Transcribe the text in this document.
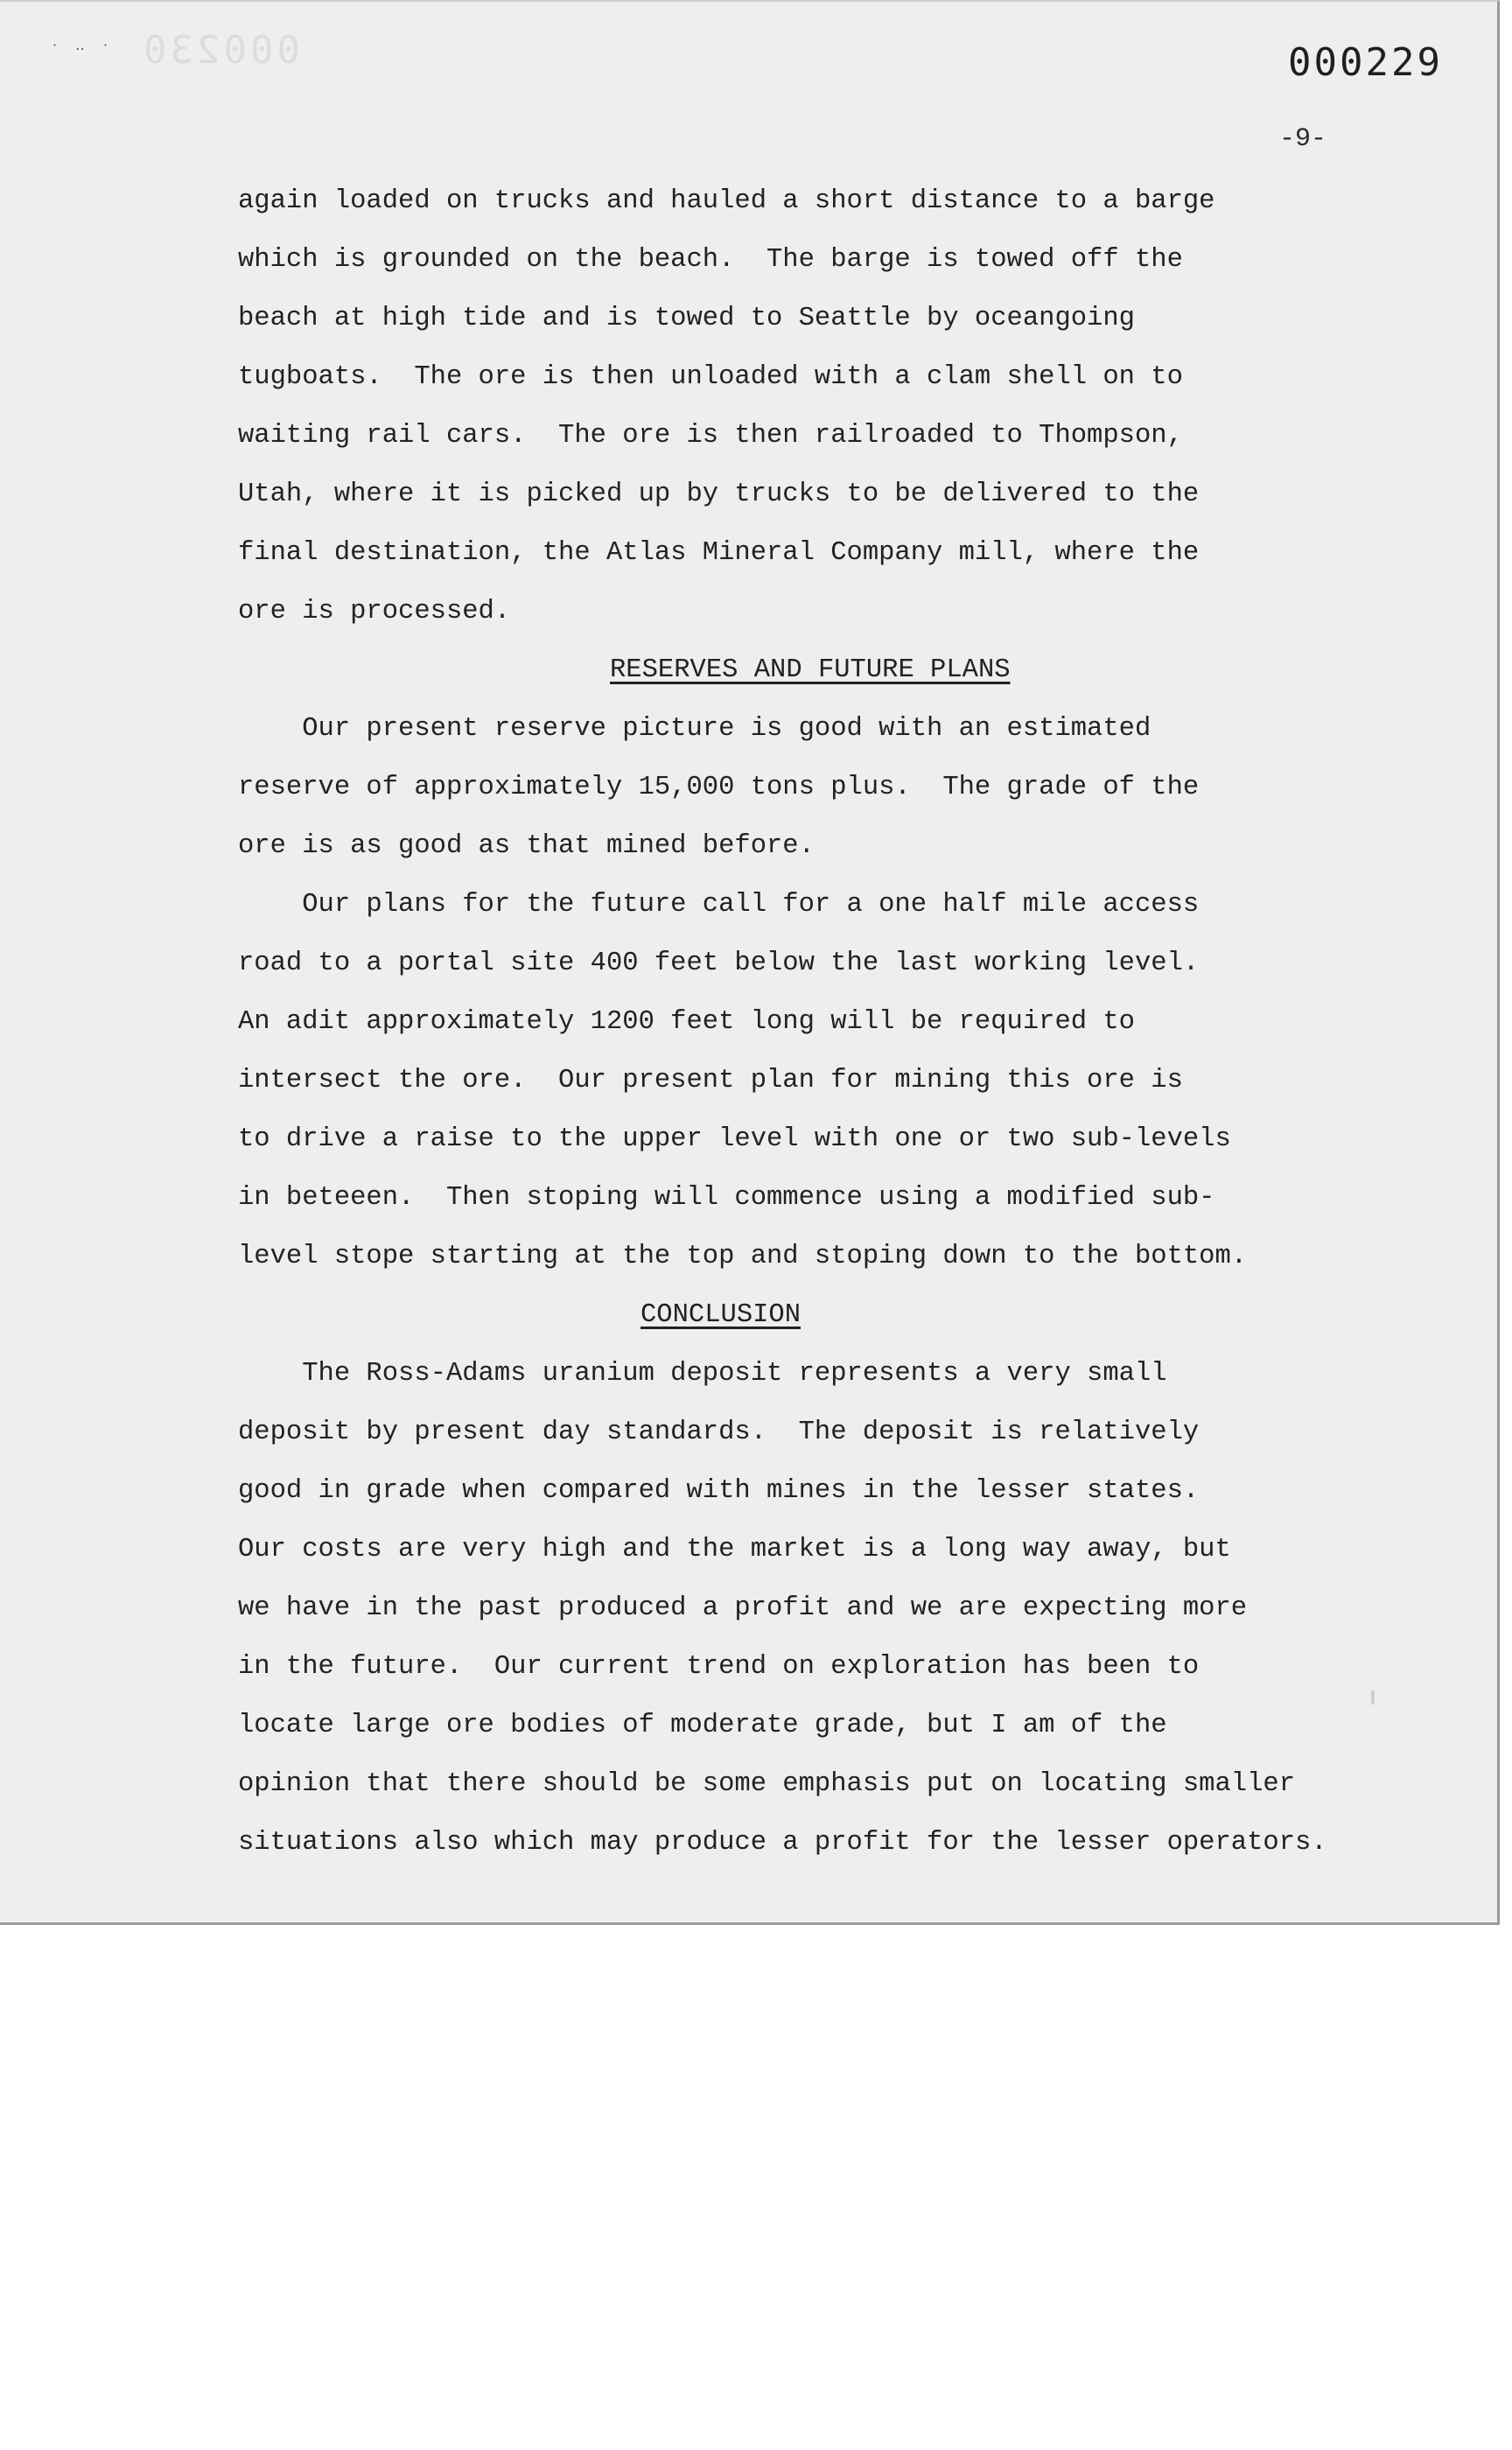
· ‥ · 000230	000229
-9-

again loaded on trucks and hauled a short distance to a barge

which is grounded on the beach.  The barge is towed off the

beach at high tide and is towed to Seattle by oceangoing

tugboats.  The ore is then unloaded with a clam shell on to

waiting rail cars.  The ore is then railroaded to Thompson,

Utah, where it is picked up by trucks to be delivered to the

final destination, the Atlas Mineral Company mill, where the

ore is processed.

RESERVES AND FUTURE PLANS

Our present reserve picture is good with an estimated

reserve of approximately 15,000 tons plus.  The grade of the

ore is as good as that mined before.

Our plans for the future call for a one half mile access

road to a portal site 400 feet below the last working level.

An adit approximately 1200 feet long will be required to

intersect the ore.  Our present plan for mining this ore is

to drive a raise to the upper level with one or two sub-levels

in beteeen.  Then stoping will commence using a modified sub-

level stope starting at the top and stoping down to the bottom.

CONCLUSION

The Ross-Adams uranium deposit represents a very small

deposit by present day standards.  The deposit is relatively

good in grade when compared with mines in the lesser states.

Our costs are very high and the market is a long way away, but

we have in the past produced a profit and we are expecting more

in the future.  Our current trend on exploration has been to

locate large ore bodies of moderate grade, but I am of the

opinion that there should be some emphasis put on locating smaller

situations also which may produce a profit for the lesser operators.
